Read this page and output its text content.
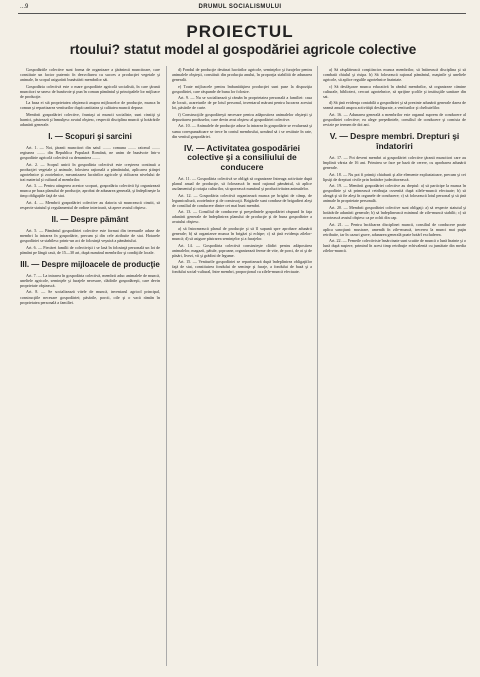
...9	DRUMUL SOCIALISMULUI
PROIECTUL
rtoului? statut model al gospodăriei agricole colective

Gospodăriile colective sunt forma de organizare a ţărănimii muncitoare, care constituie un factor puternic în dezvoltarea cu succes a producţiei vegetale şi animale, în scopul asigurării bunăstării membrilor săi.

Gospodăria colectivă este o mare gospodărie agricolă socialistă, în care ţăranii muncitori se unesc de bunăvoie şi pun în comun pământul şi principalele lor mijloace de producţie.

La baza ei stă proprietatea obştească asupra mijloacelor de producţie, munca în comun şi repartizarea veniturilor după cantitatea şi calitatea muncii depuse.

Membrii gospodăriei colective, fruntaşi ai muncii socialiste, sunt cinstiţi şi harnici, păstrează şi înmulţesc avutul obştesc, respectă disciplina muncii şi hotărârile adunării generale.

I. — Scopuri şi sarcini

Art. 1. — Noi, ţăranii muncitori din satul ........ comuna ........ raionul ........ regiunea ........ din Republica Populară Română, ne unim de bunăvoie într-o gospodărie agricolă colectivă cu denumirea ........

Art. 2. — Scopul unirii în gospodăria colectivă este creşterea continuă a producţiei vegetale şi animale, folosirea raţională a pământului, aplicarea ştiinţei agrotehnice şi zootehnice, mecanizarea lucrărilor agricole şi ridicarea nivelului de trai material şi cultural al membrilor.

Art. 3. — Pentru atingerea acestor scopuri, gospodăria colectivă îşi organizează munca pe baza planului de producţie, aprobat de adunarea generală, şi îndeplineşte la timp obligaţiile faţă de stat.

Art. 4. — Membrii gospodăriei colective au datoria să muncească cinstit, să respecte statutul şi regulamentul de ordine interioară, să apere avutul obştesc.

II. — Despre pământ

Art. 5. — Pământul gospodăriei colective este format din terenurile aduse de membri la intrarea în gospodărie, precum şi din cele atribuite de stat. Hotarele gospodăriei se stabilesc printr-un act de folosinţă veşnică a pământului.

Art. 6. — Fiecărei familii de colectivişti i se lasă în folosinţă personală un lot de pământ pe lângă casă, de 15—30 ari, după numărul membrilor şi condiţiile locale.

III. — Despre mijloacele de producţie

Art. 7. — La intrarea în gospodăria colectivă, membrii aduc animalele de muncă, uneltele agricole, seminţele şi furajele necesare, clădirile gospodăreşti, care devin proprietate obştească.

Art. 8. — Se socializează vitele de muncă, inventarul agricol principal, construcţiile necesare gospodăriei; păsările, porcii, oile şi o vacă rămân în proprietatea personală a familiei.

d) Fondul de producţie destinat lucrărilor agricole, seminţelor şi furajelor pentru animalele obşteşti, constituit din producţia anului, în proporţia stabilită de adunarea generală.

e) Toate mijloacele pentru îmbunătăţirea producţiei sunt puse la dispoziţia gospodăriei, care răspunde de buna lor folosire.

Art. 9. — Nu se socializează şi rămân în proprietatea personală a familiei: casa de locuit, acareturile de pe lotul personal, inventarul mărunt pentru lucrarea acestui lot, păsările de curte.

f) Construcţiile gospodăreşti necesare pentru adăpostirea animalelor obşteşti şi depozitarea produselor, care devin avut obştesc al gospodăriei colective.

Art. 10. — Animalele de producţie aduse la intrarea în gospodărie se evaluează şi suma corespunzătoare se trece în contul membrului, urmând să i se restituie în rate, din venitul gospodăriei.

IV. — Activitatea gospodăriei colective şi a consiliului de conducere

Art. 11. — Gospodăria colectivă se obligă să organizeze întreaga activitate după planul anual de producţie, să folosească în mod raţional pământul, să aplice asolamentul şi rotaţia culturilor, să sporească numărul şi productivitatea animalelor.

Art. 12. — Gospodăria colectivă organizează munca pe brigăzi de câmp, de legumicultură, zootehnice şi de construcţii. Brigăzile sunt conduse de brigadieri aleşi de consiliul de conducere dintre cei mai buni membri.

Art. 13. — Consiliul de conducere şi preşedintele gospodăriei răspund în faţa adunării generale de îndeplinirea planului de producţie şi de buna gospodărire a avutului obştesc.

a) să întocmească planul de producţie şi să îl supună spre aprobare adunării generale; b) să organizeze munca în brigăzi şi echipe; c) să ţină evidenţa zilelor-muncă; d) să asigure păstrarea seminţelor şi a furajelor.

Art. 14. — Gospodăria colectivă construieşte clădiri pentru adăpostirea animalelor, magazii, pătule, şoproane, organizează ferme de vite, de porci, de oi şi de păsări, livezi, vii şi grădini de legume.

Art. 15. — Veniturile gospodăriei se repartizează după îndeplinirea obligaţiilor faţă de stat, constituirea fondului de seminţe şi furaje, a fondului de bază şi a fondului social-cultural, între membri, proporţional cu zilele-muncă efectuate.

a) Să răsplătească conştiincios munca membrilor, să întărească disciplina şi să combată chiulul şi risipa. b) Să folosească raţional pământul, maşinile şi uneltele agricole, să aplice regulile agrotehnice înaintate.

c) Să desfăşoare munca educativă în rândul membrilor, să organizeze cămine culturale, biblioteci, cercuri agrotehnice, să sprijine şcolile şi instituţiile sanitare din sat.

d) Să ţină evidenţa contabilă a gospodăriei şi să prezinte adunării generale darea de seamă anuală asupra activităţii desfăşurate, a veniturilor şi cheltuielilor.

Art. 16. — Adunarea generală a membrilor este organul suprem de conducere al gospodăriei colective; ea alege preşedintele, consiliul de conducere şi comisia de revizie pe termen de doi ani.

V. — Despre membri. Drepturi şi îndatoriri

Art. 17. — Pot deveni membri ai gospodăriei colective ţăranii muncitori care au împlinit vârsta de 16 ani. Primirea se face pe bază de cerere, cu aprobarea adunării generale.

Art. 18. — Nu pot fi primiţi chiaburii şi alte elemente exploatatoare, precum şi cei lipsiţi de drepturi civile prin hotărâre judecătorească.

Art. 19. — Membrii gospodăriei colective au dreptul: a) să participe la munca în gospodărie şi să primească retribuţia cuvenită după zilele-muncă efectuate; b) să aleagă şi să fie aleşi în organele de conducere; c) să folosească lotul personal şi să ţină animale în proprietate personală.

Art. 20. — Membrii gospodăriei colective sunt obligaţi: a) să respecte statutul şi hotărârile adunării generale; b) să îndeplinească minimul de zile-muncă stabilit; c) să ocrotească avutul obştesc ca pe ochii din cap.

Art. 21. — Pentru încălcarea disciplinei muncii, consiliul de conducere poate aplica sancţiuni: mustrare, amendă în zile-muncă, trecerea la munci mai puţin retribuite, iar în cazuri grave, adunarea generală poate hotărî excluderea.

Art. 22. — Femeile colectiviste însărcinate sunt scutite de muncă o lună înainte şi o lună după naştere, primind în acest timp retribuţie echivalentă cu jumătate din media zilelor-muncă.
